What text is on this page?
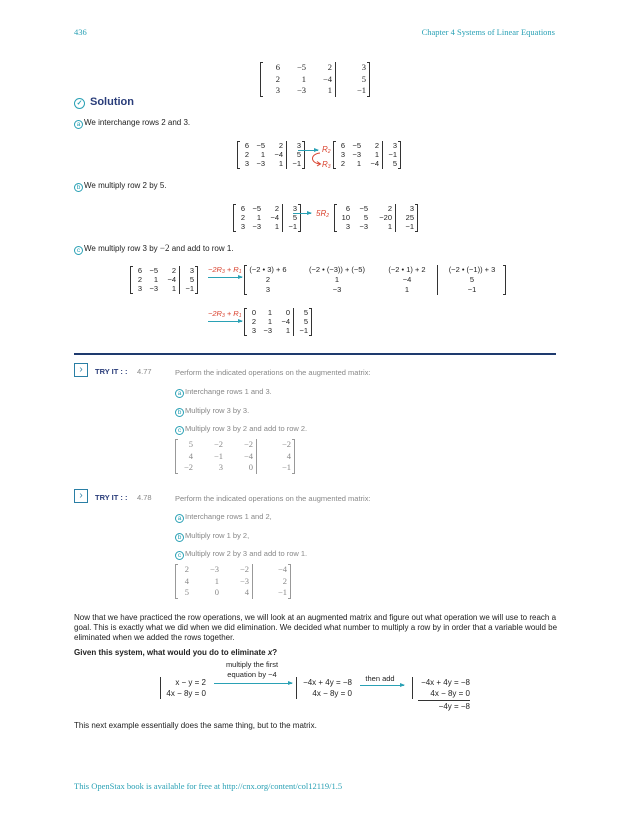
436	Chapter 4 Systems of Linear Equations
6	−5	2	3
2	1	−4	5
3	−3	1	−1
✓ Solution
a We interchange rows 2 and 3.
6 −5	2	3
2	1	−4	5
3 −3	1	−1
$R_2$
$R_3$
6 −5	2	3
3 −3	1	−1
2	1	−4	5
b We multiply row 2 by 5.
6 −5	2	3
2	1	−4	5
3 −3	1	−1
$5R_2$
6	−5	2	3
10	5	−20	25
3	−3	1	−1
c We multiply row 3 by −2 and add to row 1.
6 −5	2	3
2	1	−4	5
3 −3	1	−1
$-2R_3 + R_1$	(−2 • 3) + 6	(−2 • (−3)) + (−5)	(−2 • 1) + 2	(−2 • (−1)) + 3
2	1	−4	5
3	−3	1	−1
$-2R_3 + R_1$	0	1	0	5
2	1	−4	5
3 −3	1	−1
›	TRY IT : : 4.77	Perform the indicated operations on the augmented matrix:
a Interchange rows 1 and 3.
b Multiply row 3 by 3.
c Multiply row 3 by 2 and add to row 2.
5	−2	−2	−2
4	−1	−4	4
−2	3	0	−1
›	TRY IT : : 4.78	Perform the indicated operations on the augmented matrix:
a Interchange rows 1 and 2,
b Multiply row 1 by 2,
c Multiply row 2 by 3 and add to row 1.
2	−3	−2	−4
4	1	−3	2
5	0	4	−1
Now that we have practiced the row operations, we will look at an augmented matrix and figure out what operation we will use to reach a goal. This is exactly what we did when we did elimination. We decided what number to multiply a row by in order that a variable would be eliminated when we added the rows together.
Given this system, what would you do to eliminate x?
x − y = 2
4x − 8y = 0
multiply the first
equation by −4
−4x + 4y = −8
4x − 8y = 0
then add	−4x + 4y = −8
4x − 8y = 0
−4y = −8
This next example essentially does the same thing, but to the matrix.
This OpenStax book is available for free at http://cnx.org/content/col12119/1.5
